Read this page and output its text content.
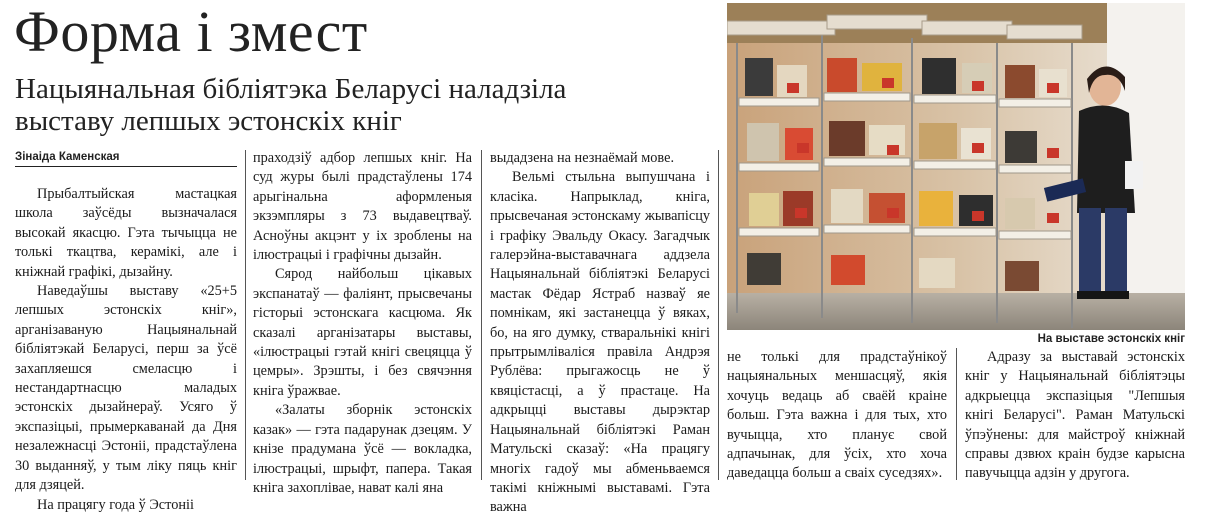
Форма і змест
Нацыянальная бібліятэка Беларусі наладзіла
выставу лепшых эстонскіх кніг
Зінаіда Каменская

Прыбалтыйская мастацкая школа заўсёды вызначалася высокай якасцю. Гэта тычыцца не толькі ткацтва, керамікі, але і кніжнай графікі, дызайну.

Наведаўшы выставу «25+5 лепшых эстонскіх кніг», арганізаваную Нацыянальнай бібліятэкай Беларусі, перш за ўсё захапляешся смеласцю і нестандартнасцю маладых эстонскіх дызайнераў. Усяго ў экспазіцыі, прымеркаванай да Дня незалежнасці Эстоніі, прадстаўлена 30 выданняў, у тым ліку пяць кніг для дзяцей.

На працягу года ў Эстоніі

праходзіў адбор лепшых кніг. На суд журы былі прадстаўлены 174 арыгінальна аформленыя экзэмпляры з 73 выдавецтваў. Асноўны акцэнт у іх зроблены на ілюстрацыі і графічны дызайн.

Сярод найбольш цікавых экспанатаў — фаліянт, прысвечаны гісторыі эстонскага касцюма. Як сказалі арганізатары выставы, «ілюстрацыі гэтай кнігі свецяцца ў цемры». Зрэшты, і без свячэння кніга ўражвае.

«Залаты зборнік эстонскіх казак» — гэта падарунак дзецям. У кнізе прадумана ўсё — вокладка, ілюстрацыі, шрыфт, папера. Такая кніга захоплівае, нават калі яна

выдадзена на незнаёмай мове.

Вельмі стыльна выпушчана і класіка. Напрыклад, кніга, прысвечаная эстонскаму жывапісцу і графіку Эвальду Окасу. Загадчык галерэйна-выставачнага аддзела Нацыянальнай бібліятэкі Беларусі мастак Фёдар Ястраб назваў яе помнікам, які застанецца ў вяках, бо, на яго думку, стваральнікі кнігі прытрымліваліся правіла Андрэя Рублёва: прыгажосць не ў квяцістасці, а ў прастаце. На адкрыцці выставы дырэктар Нацыянальнай бібліятэкі Раман Матульскі сказаў: «На працягу многіх гадоў мы абменьваемся такімі кніжнымі выставамі. Гэта важна

На выставе эстонскіх кніг

не толькі для прадстаўнікоў нацыянальных меншасцяў, якія хочуць ведаць аб сваёй краіне больш. Гэта важна і для тых, хто вучыцца, хто планує свой адпачынак, для ўсіх, хто хоча даведацца больш а сваіх суседзях».

Адразу за выставай эстонскіх кніг у Нацыянальнай бібліятэцы адкрыецца экспазіцыя "Лепшыя кнігі Беларусі". Раман Матульскі ўпэўнены: для майстроў кніжнай справы дзвюх краін будзе карысна павучыцца адзін у другога.
